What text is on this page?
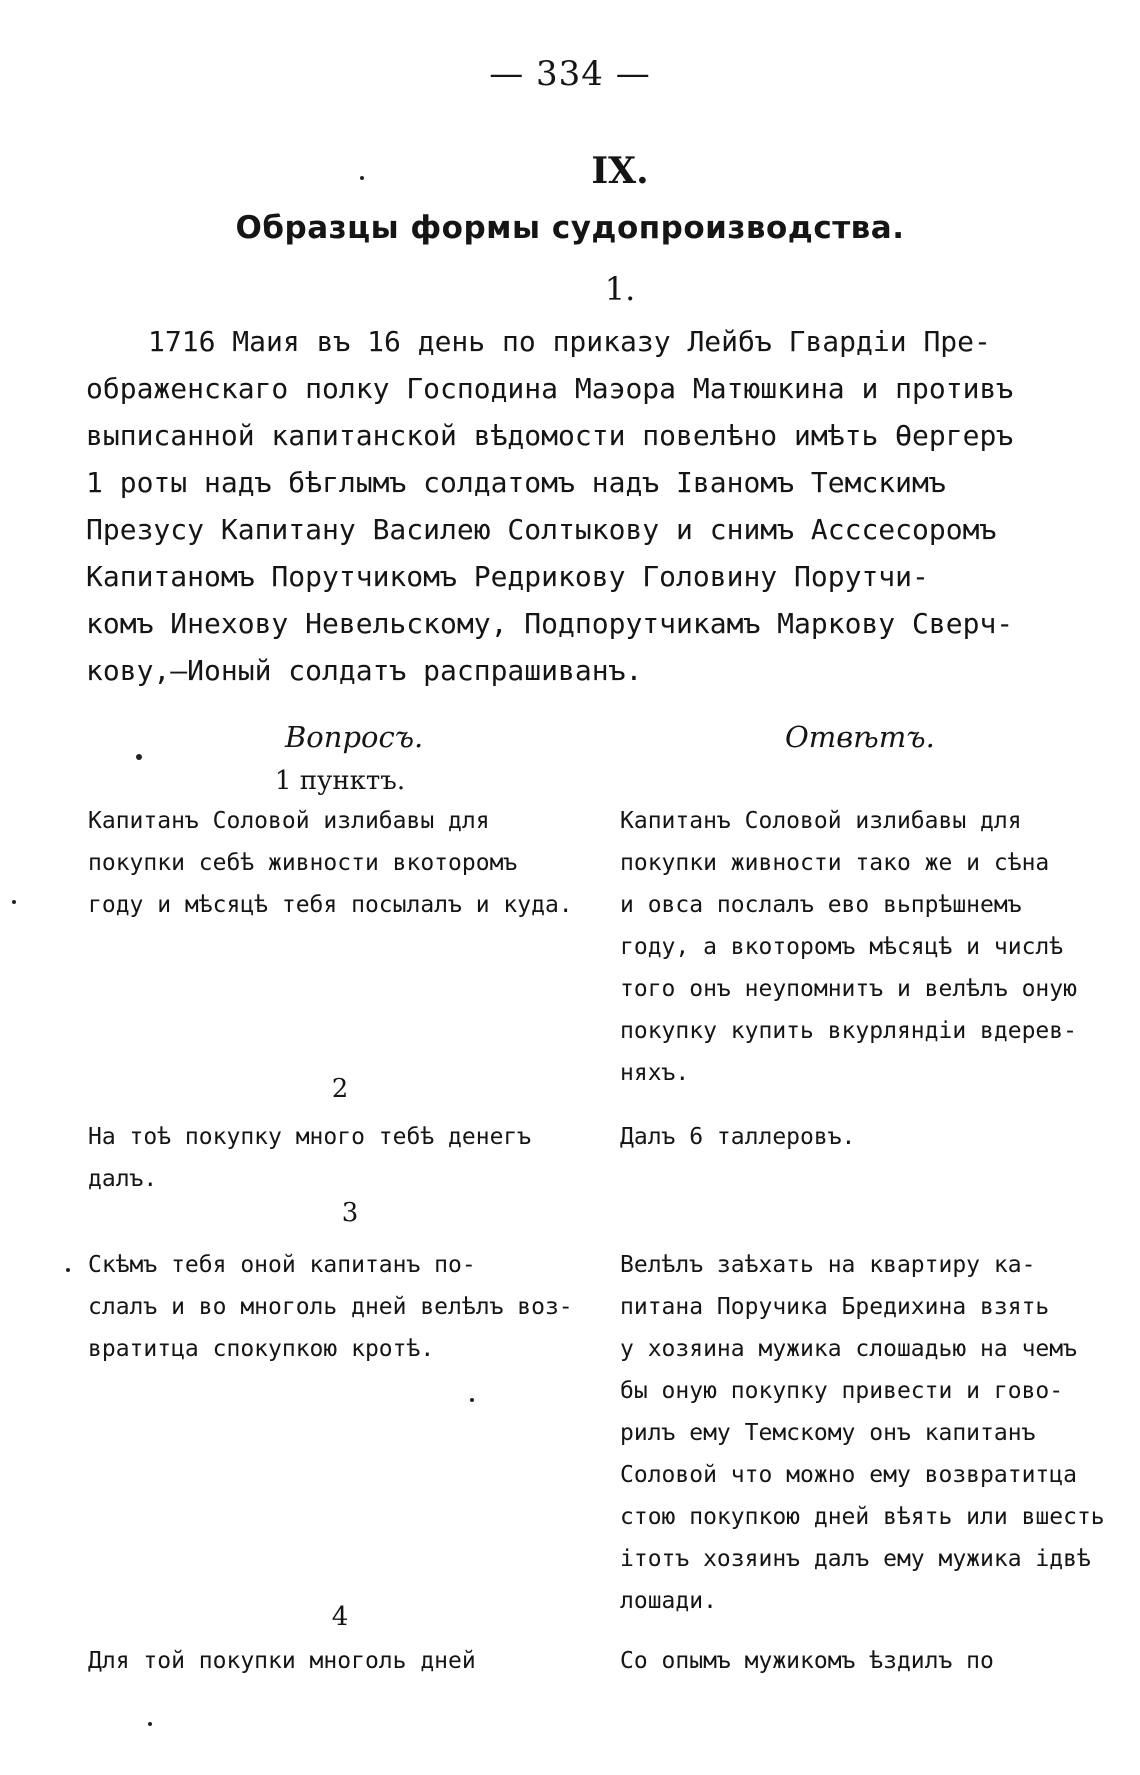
— 334 —
IX.
Образцы формы судопроизводства.
1.
1716 Маия въ 16 день по приказу Лейбъ Гвардіи Пре-
ображенскаго полку Господина Маэора Матюшкина и противъ
выписанной капитанской вѣдомости повелѣно имѣть Ѳергеръ
1 роты надъ бѣглымъ солдатомъ надъ Іваномъ Темскимъ
Презусу Капитану Василею Солтыкову и снимъ Асссесоромъ
Капитаномъ Порутчикомъ Редрикову Головину Порутчи-
комъ Инехову Невельскому, Подпорутчикамъ Маркову Сверч-
кову,—Ионый солдатъ распрашиванъ.
Вопросъ.	Отвѣтъ.
1 пунктъ.
Капитанъ Соловой излибавы для
покупки себѣ живности вкоторомъ
году и мѣсяцѣ тебя посылалъ и куда.
Капитанъ Соловой излибавы для
покупки живности тако же и сѣна
и овса послалъ ево вьпрѣшнемъ
году, а вкоторомъ мѣсяцѣ и числѣ
того онъ неупомнитъ и велѣлъ оную
покупку купить вкурляндіи вдерев-
няхъ.
2
На тоѣ покупку много тебѣ денегъ
далъ.
Далъ 6 таллеровъ.
3
Скѣмъ тебя оной капитанъ по-
слалъ и во многоль дней велѣлъ воз-
вратитца спокупкою кротѣ.
Велѣлъ заѣхать на квартиру ка-
питана Поручика Бредихина взять
у хозяина мужика слошадью на чемъ
бы оную покупку привести и гово-
рилъ ему Темскому онъ капитанъ
Соловой что можно ему возвратитца
стою покупкою дней вѣять или вшесть
ітотъ хозяинъ далъ ему мужика ідвѣ
лошади.
4
Для той покупки многоль дней	Со опымъ мужикомъ ѣздилъ по
